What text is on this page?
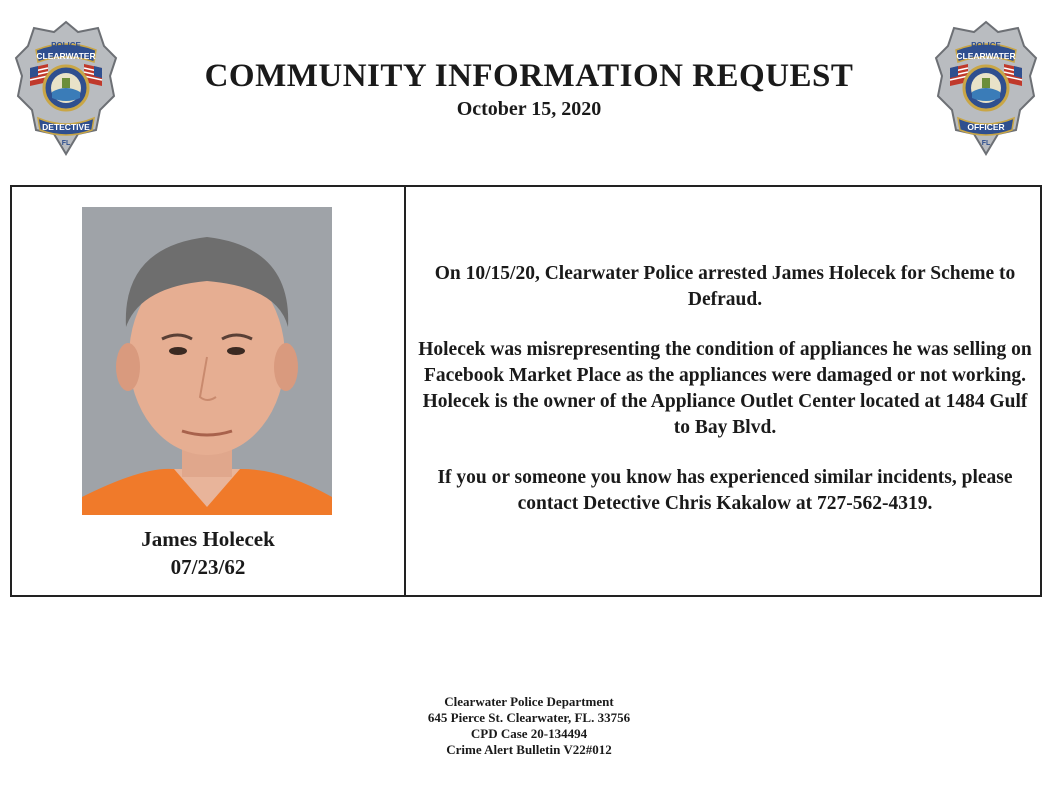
POLICE
CLEARWATER
DETECTIVE
FL
POLICE
CLEARWATER
OFFICER
FL
COMMUNITY INFORMATION REQUEST
October 15, 2020
James Holecek
07/23/62

On 10/15/20, Clearwater Police arrested James Holecek for Scheme to Defraud.

Holecek was misrepresenting the condition of appliances he was selling on Facebook Market Place as the appliances were damaged or not working. Holecek is the owner of the Appliance Outlet Center located at 1484 Gulf to Bay Blvd.

If you or someone you know has experienced similar incidents, please contact Detective Chris Kakalow at 727-562-4319.

Clearwater Police Department
645 Pierce St. Clearwater, FL. 33756
CPD Case 20-134494
Crime Alert Bulletin V22#012
